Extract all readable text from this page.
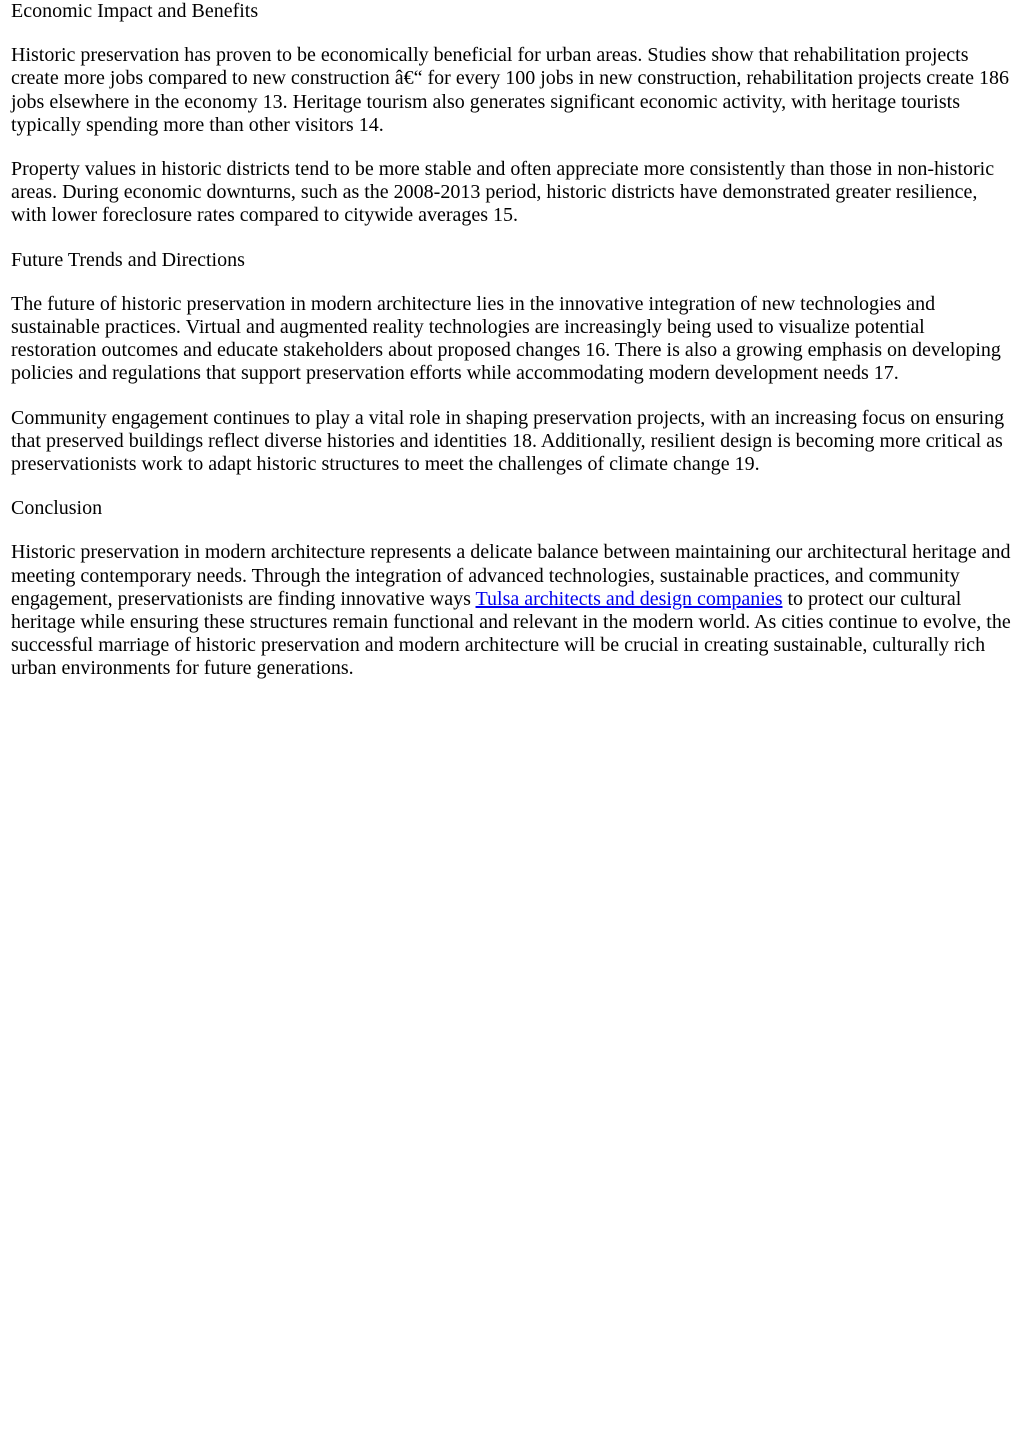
Economic Impact and Benefits

Historic preservation has proven to be economically beneficial for urban areas. Studies show that rehabilitation projects create more jobs compared to new construction â€“ for every 100 jobs in new construction, rehabilitation projects create 186 jobs elsewhere in the economy 13. Heritage tourism also generates significant economic activity, with heritage tourists typically spending more than other visitors 14.

Property values in historic districts tend to be more stable and often appreciate more consistently than those in non-historic areas. During economic downturns, such as the 2008-2013 period, historic districts have demonstrated greater resilience, with lower foreclosure rates compared to citywide averages 15.

Future Trends and Directions

The future of historic preservation in modern architecture lies in the innovative integration of new technologies and sustainable practices. Virtual and augmented reality technologies are increasingly being used to visualize potential restoration outcomes and educate stakeholders about proposed changes 16. There is also a growing emphasis on developing policies and regulations that support preservation efforts while accommodating modern development needs 17.

Community engagement continues to play a vital role in shaping preservation projects, with an increasing focus on ensuring that preserved buildings reflect diverse histories and identities 18. Additionally, resilient design is becoming more critical as preservationists work to adapt historic structures to meet the challenges of climate change 19.

Conclusion

Historic preservation in modern architecture represents a delicate balance between maintaining our architectural heritage and meeting contemporary needs. Through the integration of advanced technologies, sustainable practices, and community engagement, preservationists are finding innovative ways Tulsa architects and design companies to protect our cultural heritage while ensuring these structures remain functional and relevant in the modern world. As cities continue to evolve, the successful marriage of historic preservation and modern architecture will be crucial in creating sustainable, culturally rich urban environments for future generations.
